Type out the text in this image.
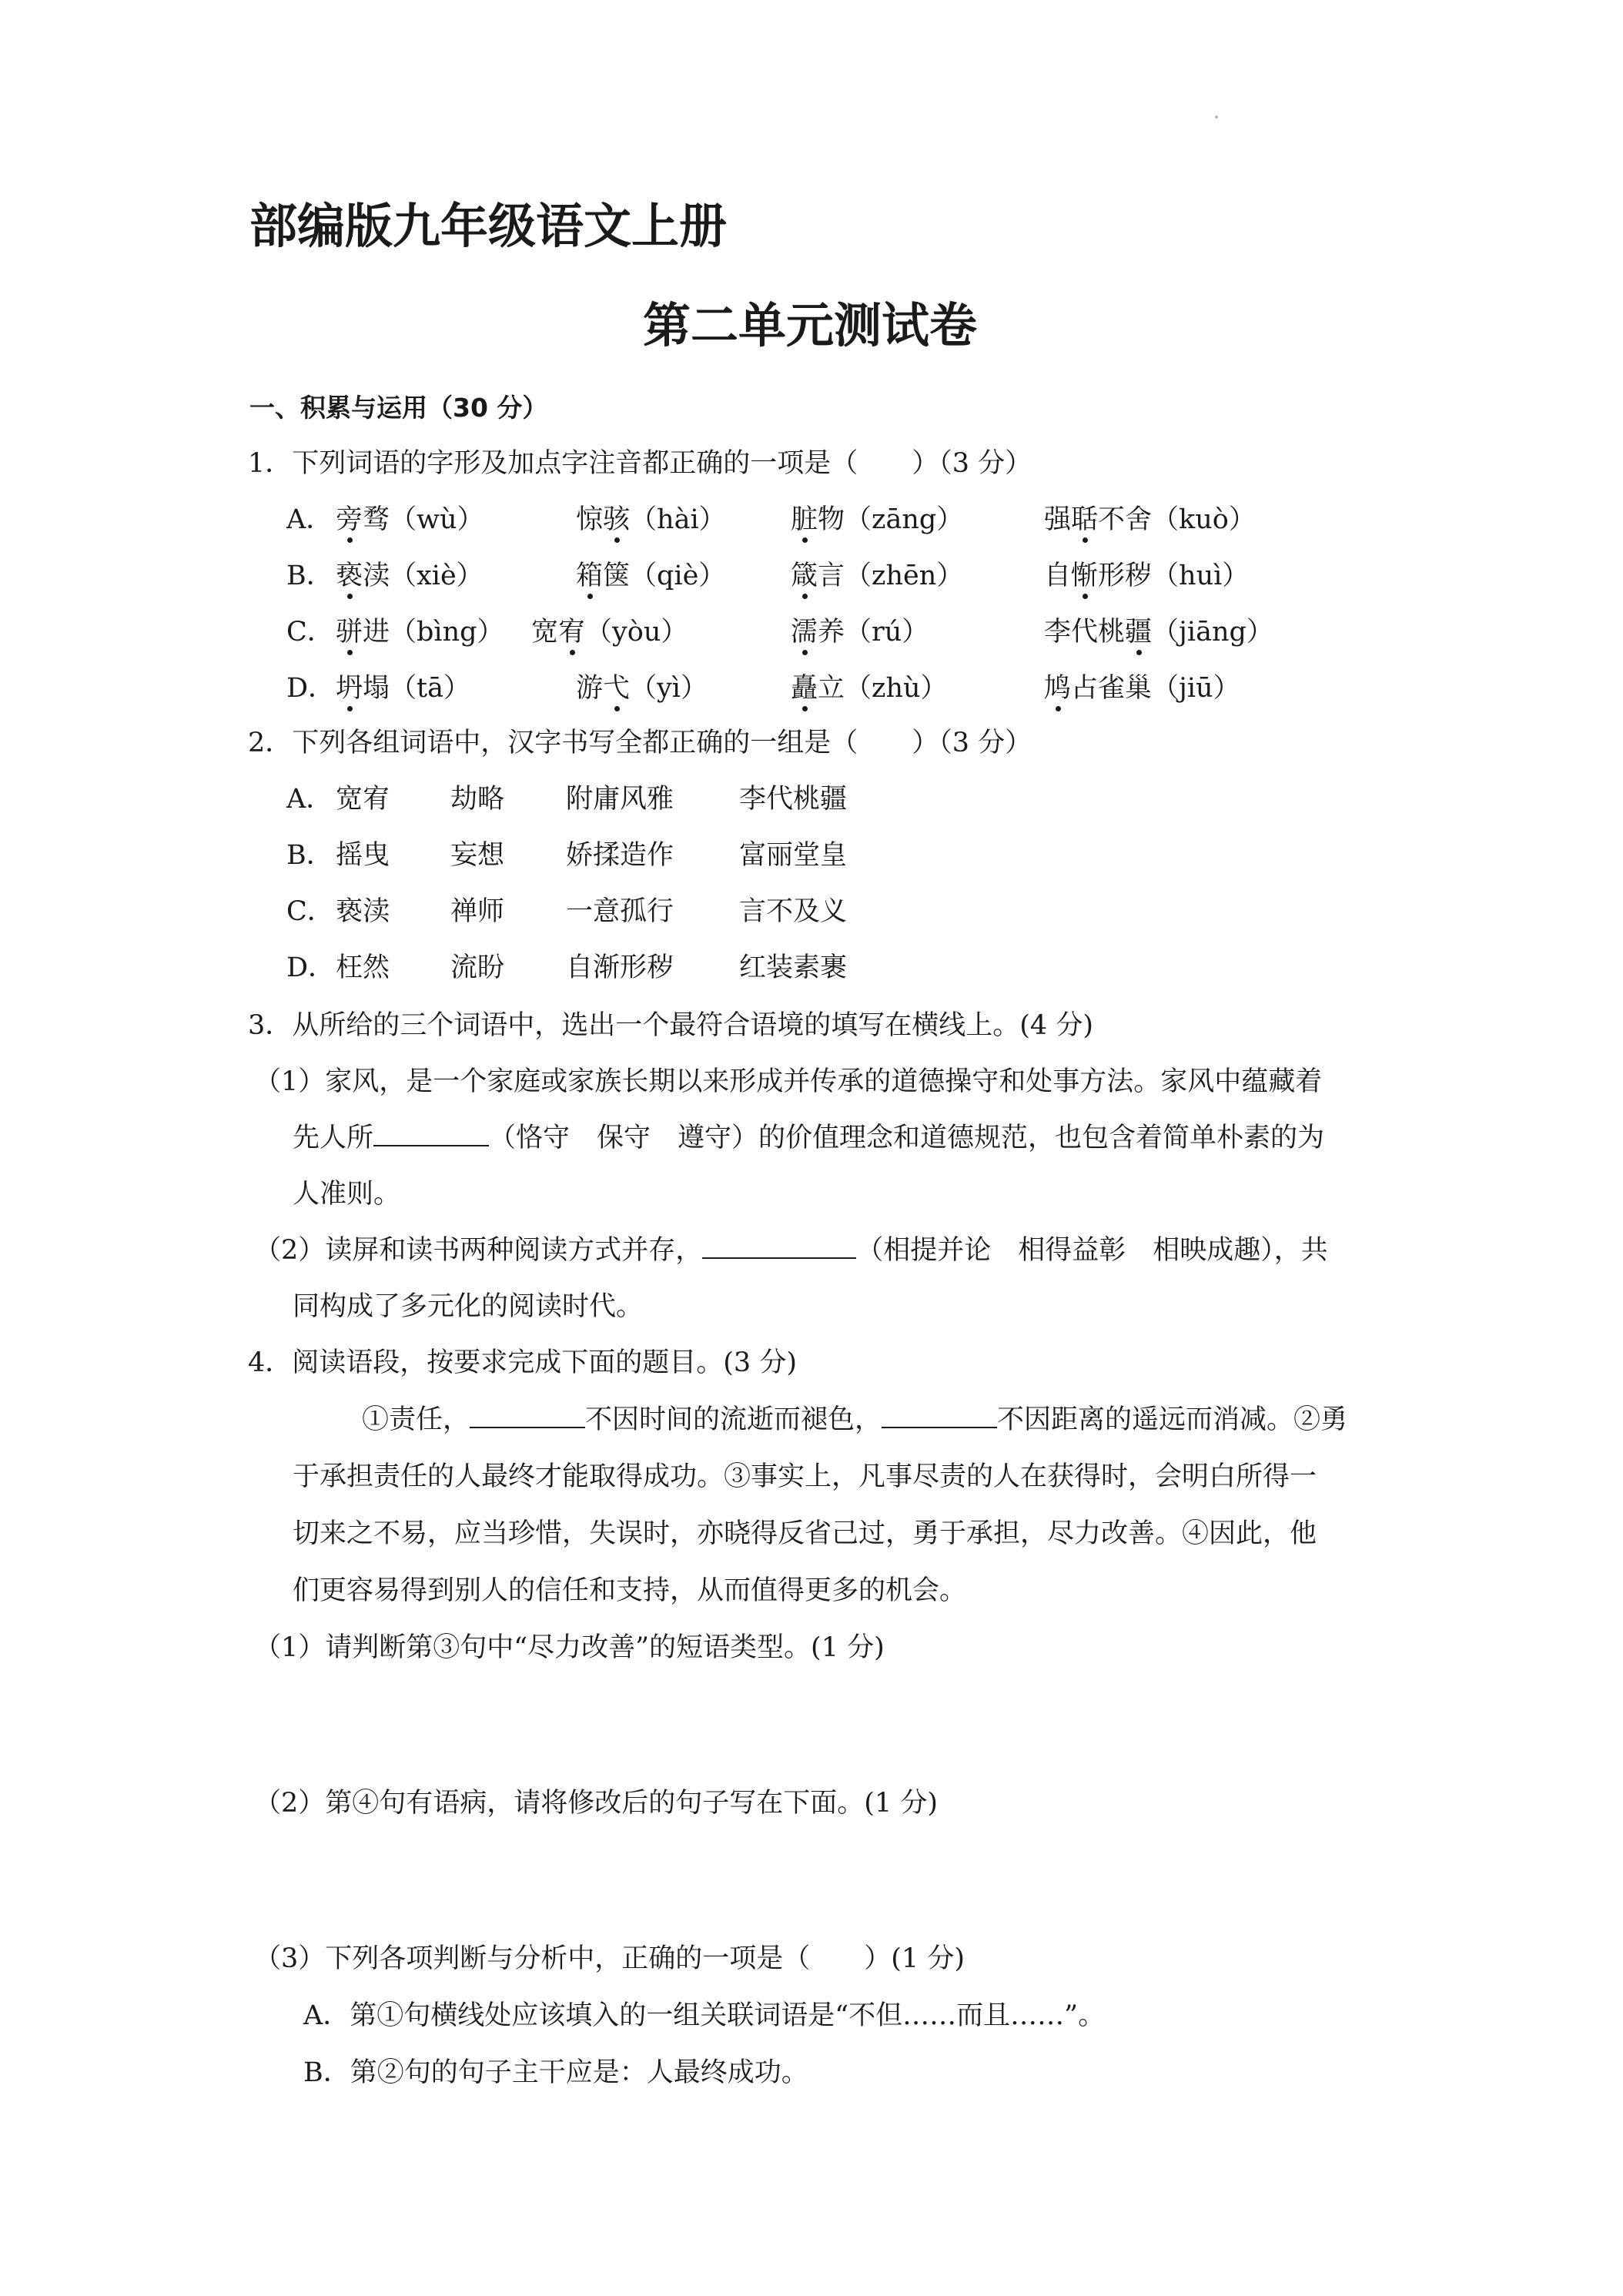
部编版九年级语文上册
第二单元测试卷
一、积累与运用（30 分）
1．下列词语的字形及加点字注音都正确的一项是（　　）（3 分）
A． 旁骛（wù）	惊骇（hài） 脏物（zāng）	强聒不舍（kuò）
B． 亵渎（xiè）	箱箧（qiè） 箴言（zhēn）	自惭形秽（huì）
C． 骈进（bìng） 宽宥（yòu）	濡养（rú）	李代桃疆（jiāng）
D． 坍塌（tā）	游弋（yì）	矗立（zhù）	鸠占雀巢（jiū）
2．下列各组词语中，汉字书写全都正确的一组是（　　）（3 分）
A． 宽宥 劫略 附庸风雅 李代桃疆
B． 摇曳 妄想 娇揉造作 富丽堂皇
C． 亵渎 禅师 一意孤行 言不及义
D． 枉然 流盼 自渐形秽 红装素裹
3．从所给的三个词语中，选出一个最符合语境的填写在横线上。(4 分)
（1）家风，是一个家庭或家族长期以来形成并传承的道德操守和处事方法。家风中蕴藏着
先人所	（恪守　保守　遵守）的价值理念和道德规范，也包含着简单朴素的为
人准则。
（2）读屏和读书两种阅读方式并存，	（相提并论　相得益彰　相映成趣），共
同构成了多元化的阅读时代。
4．阅读语段，按要求完成下面的题目。(3 分)
①责任，	不因时间的流逝而褪色，	不因距离的遥远而消减。②勇
于承担责任的人最终才能取得成功。③事实上，凡事尽责的人在获得时，会明白所得一
切来之不易，应当珍惜，失误时，亦晓得反省己过，勇于承担，尽力改善。④因此，他
们更容易得到别人的信任和支持，从而值得更多的机会。
（1）请判断第③句中“尽力改善”的短语类型。(1 分)
（2）第④句有语病，请将修改后的句子写在下面。(1 分)
（3）下列各项判断与分析中，正确的一项是（　　）(1 分)
A．第①句横线处应该填入的一组关联词语是“不但……而且……”。
B．第②句的句子主干应是：人最终成功。
